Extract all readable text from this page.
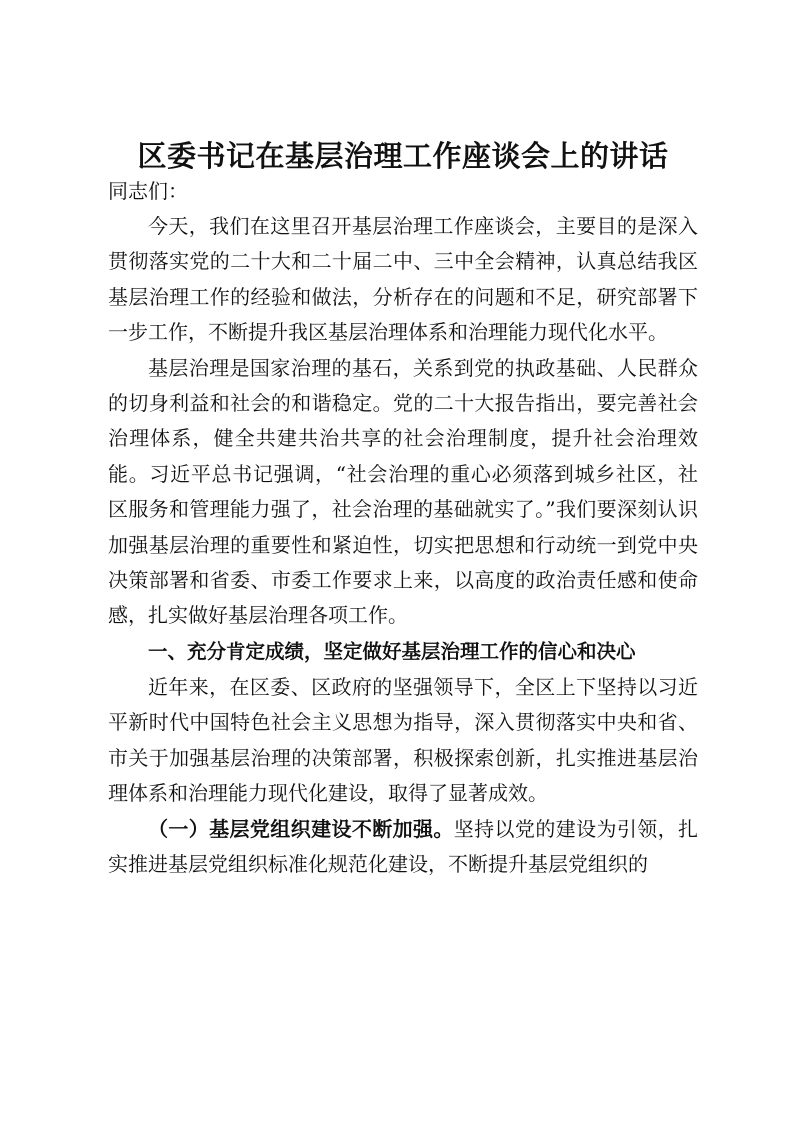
区委书记在基层治理工作座谈会上的讲话

同志们：

今天，我们在这里召开基层治理工作座谈会，主要目的是深入贯彻落实党的二十大和二十届二中、三中全会精神，认真总结我区基层治理工作的经验和做法，分析存在的问题和不足，研究部署下一步工作，不断提升我区基层治理体系和治理能力现代化水平。

基层治理是国家治理的基石，关系到党的执政基础、人民群众的切身利益和社会的和谐稳定。党的二十大报告指出，要完善社会治理体系，健全共建共治共享的社会治理制度，提升社会治理效能。习近平总书记强调，“社会治理的重心必须落到城乡社区，社区服务和管理能力强了，社会治理的基础就实了。”我们要深刻认识加强基层治理的重要性和紧迫性，切实把思想和行动统一到党中央决策部署和省委、市委工作要求上来，以高度的政治责任感和使命感，扎实做好基层治理各项工作。

一、充分肯定成绩，坚定做好基层治理工作的信心和决心

近年来，在区委、区政府的坚强领导下，全区上下坚持以习近平新时代中国特色社会主义思想为指导，深入贯彻落实中央和省、市关于加强基层治理的决策部署，积极探索创新，扎实推进基层治理体系和治理能力现代化建设，取得了显著成效。

（一）基层党组织建设不断加强。坚持以党的建设为引领，扎实推进基层党组织标准化规范化建设，不断提升基层党组织的
